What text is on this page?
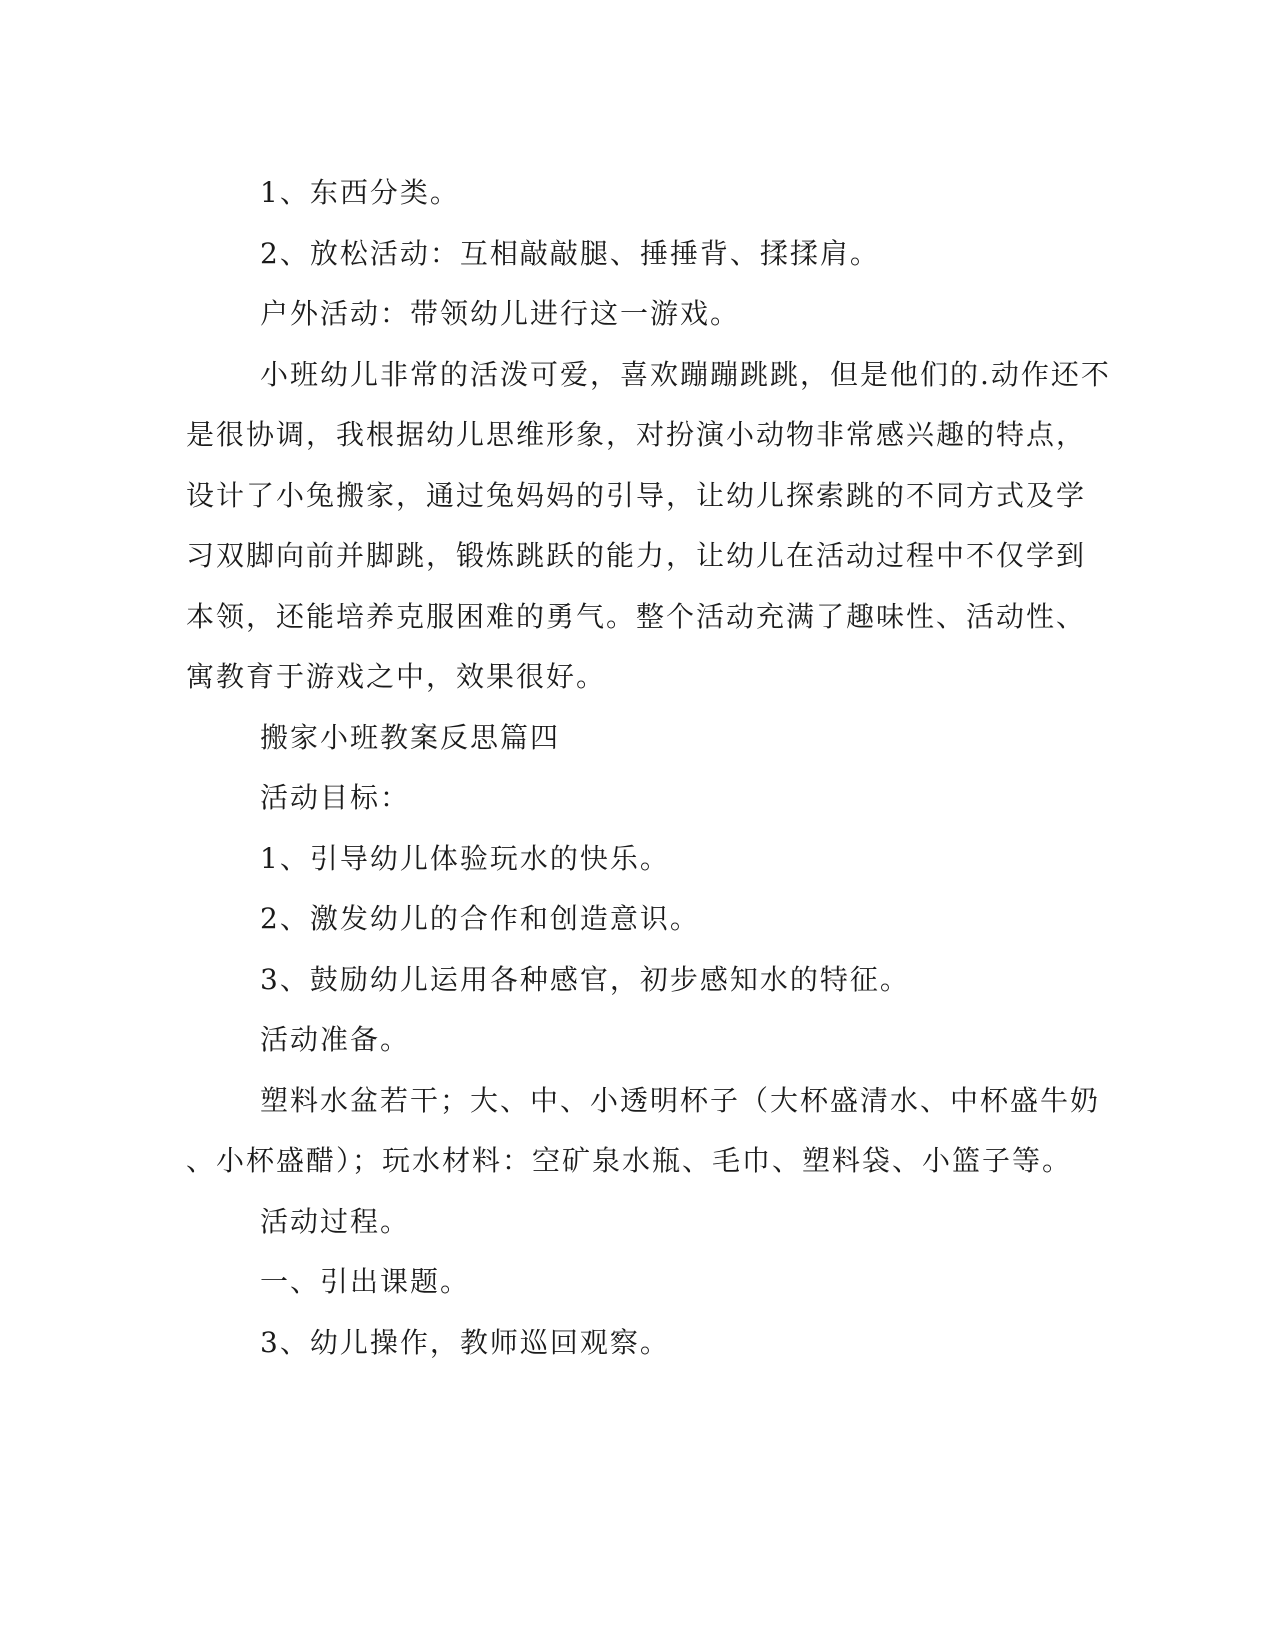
1、东西分类。
2、放松活动：互相敲敲腿、捶捶背、揉揉肩。
户外活动：带领幼儿进行这一游戏。
小班幼儿非常的活泼可爱，喜欢蹦蹦跳跳，但是他们的.动作还不
是很协调，我根据幼儿思维形象，对扮演小动物非常感兴趣的特点，
设计了小兔搬家，通过兔妈妈的引导，让幼儿探索跳的不同方式及学
习双脚向前并脚跳，锻炼跳跃的能力，让幼儿在活动过程中不仅学到
本领，还能培养克服困难的勇气。整个活动充满了趣味性、活动性、
寓教育于游戏之中，效果很好。
搬家小班教案反思篇四
活动目标：
1、引导幼儿体验玩水的快乐。
2、激发幼儿的合作和创造意识。
3、鼓励幼儿运用各种感官，初步感知水的特征。
活动准备。
塑料水盆若干；大、中、小透明杯子（大杯盛清水、中杯盛牛奶
、小杯盛醋）；玩水材料：空矿泉水瓶、毛巾、塑料袋、小篮子等。
活动过程。
一、引出课题。
3、幼儿操作，教师巡回观察。
